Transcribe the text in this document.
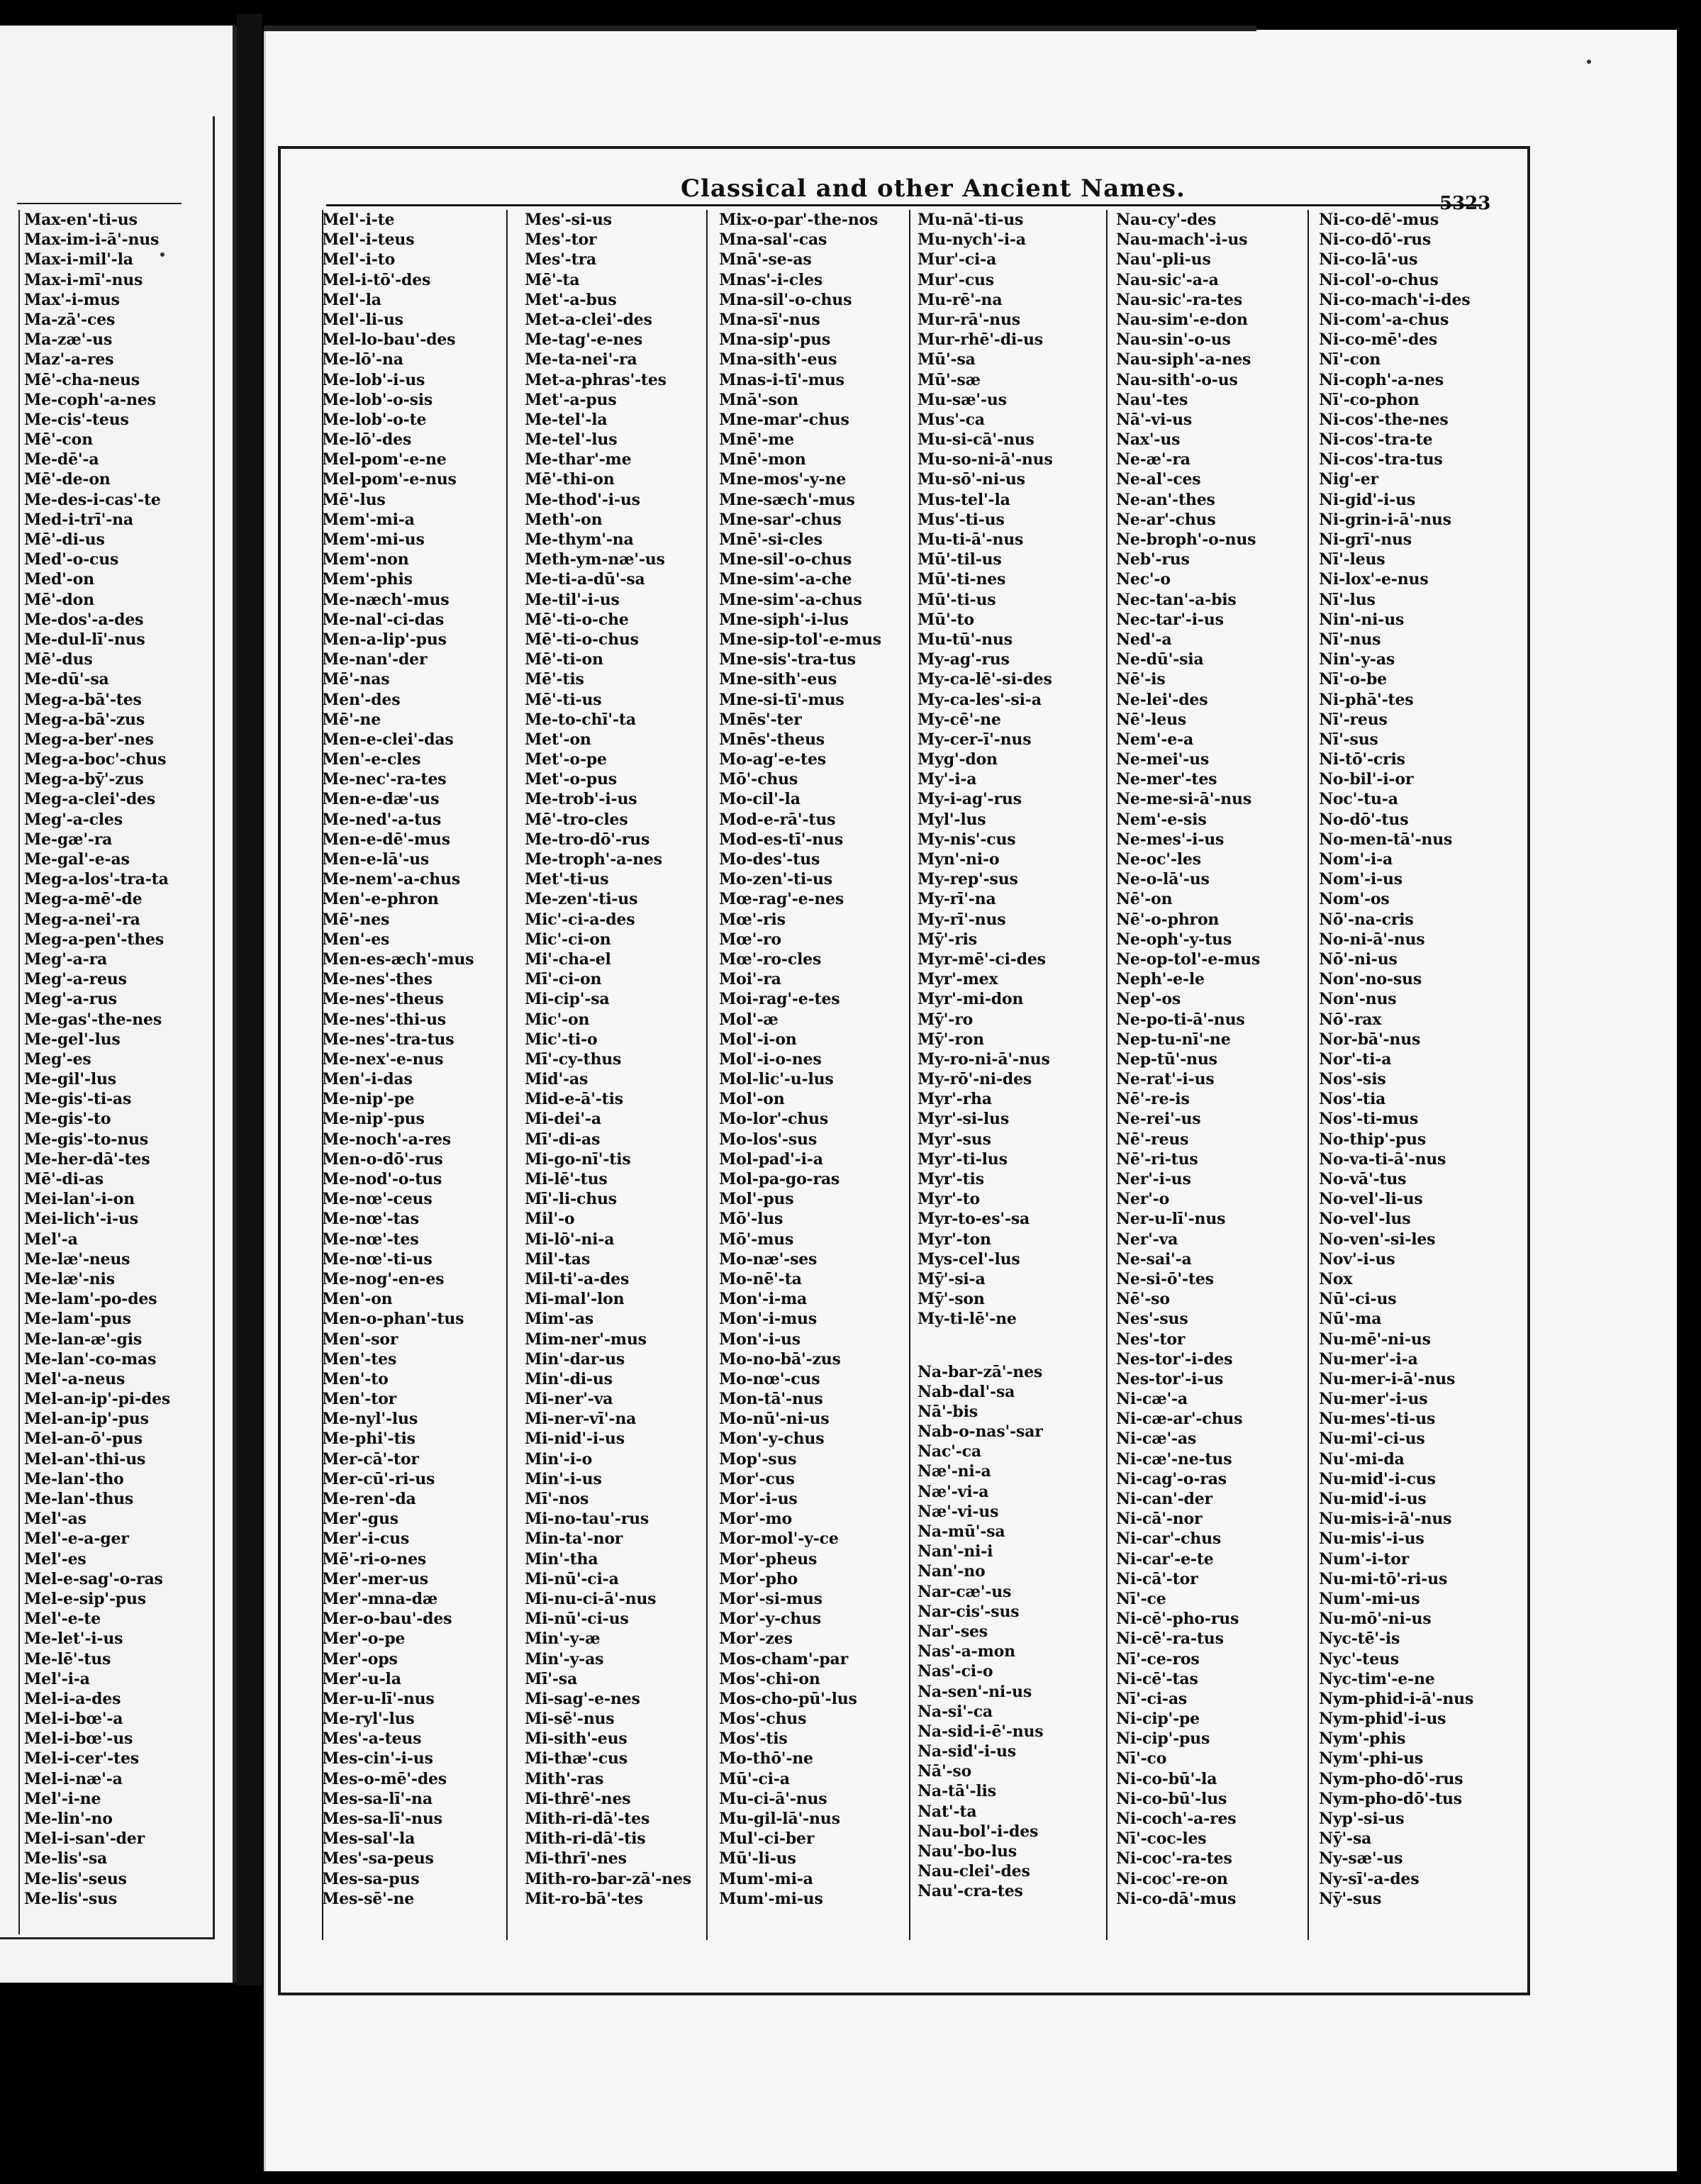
Max-en'-ti-us
Max-im-i-ā'-nus
Max-i-mil'-la
Max-i-mī'-nus
Max'-i-mus
Ma-zā'-ces
Ma-zæ'-us
Maz'-a-res
Mē'-cha-neus
Me-coph'-a-nes
Me-cis'-teus
Mē'-con
Me-dē'-a
Mē'-de-on
Me-des-i-cas'-te
Med-i-trī'-na
Mē'-di-us
Med'-o-cus
Med'-on
Mē'-don
Me-dos'-a-des
Me-dul-lī'-nus
Mē'-dus
Me-dū'-sa
Meg-a-bā'-tes
Meg-a-bā'-zus
Meg-a-ber'-nes
Meg-a-boc'-chus
Meg-a-bȳ'-zus
Meg-a-clei'-des
Meg'-a-cles
Me-gæ'-ra
Me-gal'-e-as
Meg-a-los'-tra-ta
Meg-a-mē'-de
Meg-a-nei'-ra
Meg-a-pen'-thes
Meg'-a-ra
Meg'-a-reus
Meg'-a-rus
Me-gas'-the-nes
Me-gel'-lus
Meg'-es
Me-gil'-lus
Me-gis'-ti-as
Me-gis'-to
Me-gis'-to-nus
Me-her-dā'-tes
Mē'-di-as
Mei-lan'-i-on
Mei-lich'-i-us
Mel'-a
Me-læ'-neus
Me-læ'-nis
Me-lam'-po-des
Me-lam'-pus
Me-lan-æ'-gis
Me-lan'-co-mas
Mel'-a-neus
Mel-an-ip'-pi-des
Mel-an-ip'-pus
Mel-an-ō'-pus
Mel-an'-thi-us
Me-lan'-tho
Me-lan'-thus
Mel'-as
Mel'-e-a-ger
Mel'-es
Mel-e-sag'-o-ras
Mel-e-sip'-pus
Mel'-e-te
Me-let'-i-us
Me-lē'-tus
Mel'-i-a
Mel-i-a-des
Mel-i-bœ'-a
Mel-i-bœ'-us
Mel-i-cer'-tes
Mel-i-næ'-a
Mel'-i-ne
Me-lin'-no
Mel-i-san'-der
Me-lis'-sa
Me-lis'-seus
Me-lis'-sus
Classical and other Ancient Names.
5323
Mel'-i-te
Mel'-i-teus
Mel'-i-to
Mel-i-tō'-des
Mel'-la
Mel'-li-us
Mel-lo-bau'-des
Me-lō'-na
Me-lob'-i-us
Me-lob'-o-sis
Me-lob'-o-te
Me-lō'-des
Mel-pom'-e-ne
Mel-pom'-e-nus
Mē'-lus
Mem'-mi-a
Mem'-mi-us
Mem'-non
Mem'-phis
Me-næch'-mus
Me-nal'-ci-das
Men-a-lip'-pus
Me-nan'-der
Mē'-nas
Men'-des
Mē'-ne
Men-e-clei'-das
Men'-e-cles
Me-nec'-ra-tes
Men-e-dæ'-us
Me-ned'-a-tus
Men-e-dē'-mus
Men-e-lā'-us
Me-nem'-a-chus
Men'-e-phron
Mē'-nes
Men'-es
Men-es-æch'-mus
Me-nes'-thes
Me-nes'-theus
Me-nes'-thi-us
Me-nes'-tra-tus
Me-nex'-e-nus
Men'-i-das
Me-nip'-pe
Me-nip'-pus
Me-noch'-a-res
Men-o-dō'-rus
Me-nod'-o-tus
Me-nœ'-ceus
Me-nœ'-tas
Me-nœ'-tes
Me-nœ'-ti-us
Me-nog'-en-es
Men'-on
Men-o-phan'-tus
Men'-sor
Men'-tes
Men'-to
Men'-tor
Me-nyl'-lus
Me-phi'-tis
Mer-cā'-tor
Mer-cū'-ri-us
Me-ren'-da
Mer'-gus
Mer'-i-cus
Mē'-ri-o-nes
Mer'-mer-us
Mer'-mna-dæ
Mer-o-bau'-des
Mer'-o-pe
Mer'-ops
Mer'-u-la
Mer-u-lī'-nus
Me-ryl'-lus
Mes'-a-teus
Mes-cin'-i-us
Mes-o-mē'-des
Mes-sa-lī'-na
Mes-sa-lī'-nus
Mes-sal'-la
Mes'-sa-peus
Mes-sa-pus
Mes-sē'-ne
Mes'-si-us
Mes'-tor
Mes'-tra
Mē'-ta
Met'-a-bus
Met-a-clei'-des
Me-tag'-e-nes
Me-ta-nei'-ra
Met-a-phras'-tes
Met'-a-pus
Me-tel'-la
Me-tel'-lus
Me-thar'-me
Mē'-thi-on
Me-thod'-i-us
Meth'-on
Me-thym'-na
Meth-ym-næ'-us
Me-ti-a-dū'-sa
Me-til'-i-us
Mē'-ti-o-che
Mē'-ti-o-chus
Mē'-ti-on
Mē'-tis
Mē'-ti-us
Me-to-chī'-ta
Met'-on
Met'-o-pe
Met'-o-pus
Me-trob'-i-us
Mē'-tro-cles
Me-tro-dō'-rus
Me-troph'-a-nes
Met'-ti-us
Me-zen'-ti-us
Mic'-ci-a-des
Mic'-ci-on
Mi'-cha-el
Mī'-ci-on
Mi-cip'-sa
Mic'-on
Mic'-ti-o
Mī'-cy-thus
Mid'-as
Mid-e-ā'-tis
Mi-dei'-a
Mī'-di-as
Mi-go-nī'-tis
Mi-lē'-tus
Mī'-li-chus
Mil'-o
Mi-lō'-ni-a
Mil'-tas
Mil-ti'-a-des
Mi-mal'-lon
Mim'-as
Mim-ner'-mus
Min'-dar-us
Min'-di-us
Mi-ner'-va
Mi-ner-vī'-na
Mi-nid'-i-us
Min'-i-o
Min'-i-us
Mī'-nos
Mi-no-tau'-rus
Min-ta'-nor
Min'-tha
Mi-nū'-ci-a
Mi-nu-ci-ā'-nus
Mi-nū'-ci-us
Min'-y-æ
Min'-y-as
Mī'-sa
Mi-sag'-e-nes
Mi-sē'-nus
Mi-sith'-eus
Mi-thæ'-cus
Mith'-ras
Mi-thrē'-nes
Mith-ri-dā'-tes
Mith-ri-dā'-tis
Mi-thrī'-nes
Mith-ro-bar-zā'-nes
Mit-ro-bā'-tes
Mix-o-par'-the-nos
Mna-sal'-cas
Mnā'-se-as
Mnas'-i-cles
Mna-sil'-o-chus
Mna-sī'-nus
Mna-sip'-pus
Mna-sith'-eus
Mnas-i-tī'-mus
Mnā'-son
Mne-mar'-chus
Mnē'-me
Mnē'-mon
Mne-mos'-y-ne
Mne-sæch'-mus
Mne-sar'-chus
Mnē'-si-cles
Mne-sil'-o-chus
Mne-sim'-a-che
Mne-sim'-a-chus
Mne-siph'-i-lus
Mne-sip-tol'-e-mus
Mne-sis'-tra-tus
Mne-sith'-eus
Mne-si-tī'-mus
Mnēs'-ter
Mnēs'-theus
Mo-ag'-e-tes
Mō'-chus
Mo-cil'-la
Mod-e-rā'-tus
Mod-es-tī'-nus
Mo-des'-tus
Mo-zen'-ti-us
Mœ-rag'-e-nes
Mœ'-ris
Mœ'-ro
Mœ'-ro-cles
Moi'-ra
Moi-rag'-e-tes
Mol'-æ
Mol'-i-on
Mol'-i-o-nes
Mol-lic'-u-lus
Mol'-on
Mo-lor'-chus
Mo-los'-sus
Mol-pad'-i-a
Mol-pa-go-ras
Mol'-pus
Mō'-lus
Mō'-mus
Mo-næ'-ses
Mo-nē'-ta
Mon'-i-ma
Mon'-i-mus
Mon'-i-us
Mo-no-bā'-zus
Mo-nœ'-cus
Mon-tā'-nus
Mo-nū'-ni-us
Mon'-y-chus
Mop'-sus
Mor'-cus
Mor'-i-us
Mor'-mo
Mor-mol'-y-ce
Mor'-pheus
Mor'-pho
Mor'-si-mus
Mor'-y-chus
Mor'-zes
Mos-cham'-par
Mos'-chi-on
Mos-cho-pū'-lus
Mos'-chus
Mos'-tis
Mo-thō'-ne
Mū'-ci-a
Mu-ci-ā'-nus
Mu-gil-lā'-nus
Mul'-ci-ber
Mū'-li-us
Mum'-mi-a
Mum'-mi-us
Mu-nā'-ti-us
Mu-nych'-i-a
Mur'-ci-a
Mur'-cus
Mu-rē'-na
Mur-rā'-nus
Mur-rhē'-di-us
Mū'-sa
Mū'-sæ
Mu-sæ'-us
Mus'-ca
Mu-si-cā'-nus
Mu-so-ni-ā'-nus
Mu-sō'-ni-us
Mus-tel'-la
Mus'-ti-us
Mu-ti-ā'-nus
Mū'-til-us
Mū'-ti-nes
Mū'-ti-us
Mū'-to
Mu-tū'-nus
My-ag'-rus
My-ca-lē'-si-des
My-ca-les'-si-a
My-cē'-ne
My-cer-ī'-nus
Myg'-don
My'-i-a
My-i-ag'-rus
Myl'-lus
My-nis'-cus
Myn'-ni-o
My-rep'-sus
My-rī'-na
My-rī'-nus
Mȳ'-ris
Myr-mē'-ci-des
Myr'-mex
Myr'-mi-don
Mȳ'-ro
Mȳ'-ron
My-ro-ni-ā'-nus
My-rō'-ni-des
Myr'-rha
Myr'-si-lus
Myr'-sus
Myr'-ti-lus
Myr'-tis
Myr'-to
Myr-to-es'-sa
Myr'-ton
Mys-cel'-lus
Mȳ'-si-a
Mȳ'-son
My-ti-lē'-ne
Na-bar-zā'-nes
Nab-dal'-sa
Nā'-bis
Nab-o-nas'-sar
Nac'-ca
Næ'-ni-a
Næ'-vi-a
Næ'-vi-us
Na-mū'-sa
Nan'-ni-i
Nan'-no
Nar-cæ'-us
Nar-cis'-sus
Nar'-ses
Nas'-a-mon
Nas'-ci-o
Na-sen'-ni-us
Na-si'-ca
Na-sid-i-ē'-nus
Na-sid'-i-us
Nā'-so
Na-tā'-lis
Nat'-ta
Nau-bol'-i-des
Nau'-bo-lus
Nau-clei'-des
Nau'-cra-tes
Nau-cy'-des
Nau-mach'-i-us
Nau'-pli-us
Nau-sic'-a-a
Nau-sic'-ra-tes
Nau-sim'-e-don
Nau-sin'-o-us
Nau-siph'-a-nes
Nau-sith'-o-us
Nau'-tes
Nā'-vi-us
Nax'-us
Ne-æ'-ra
Ne-al'-ces
Ne-an'-thes
Ne-ar'-chus
Ne-broph'-o-nus
Neb'-rus
Nec'-o
Nec-tan'-a-bis
Nec-tar'-i-us
Ned'-a
Ne-dū'-sia
Nē'-is
Ne-lei'-des
Nē'-leus
Nem'-e-a
Ne-mei'-us
Ne-mer'-tes
Ne-me-si-ā'-nus
Nem'-e-sis
Ne-mes'-i-us
Ne-oc'-les
Ne-o-lā'-us
Nē'-on
Nē'-o-phron
Ne-oph'-y-tus
Ne-op-tol'-e-mus
Neph'-e-le
Nep'-os
Ne-po-ti-ā'-nus
Nep-tu-nī'-ne
Nep-tū'-nus
Ne-rat'-i-us
Nē'-re-is
Ne-rei'-us
Nē'-reus
Nē'-ri-tus
Ner'-i-us
Ner'-o
Ner-u-lī'-nus
Ner'-va
Ne-sai'-a
Ne-si-ō'-tes
Nē'-so
Nes'-sus
Nes'-tor
Nes-tor'-i-des
Nes-tor'-i-us
Ni-cæ'-a
Ni-cæ-ar'-chus
Ni-cæ'-as
Ni-cæ'-ne-tus
Ni-cag'-o-ras
Ni-can'-der
Ni-cā'-nor
Ni-car'-chus
Ni-car'-e-te
Ni-cā'-tor
Nī'-ce
Ni-cē'-pho-rus
Ni-cē'-ra-tus
Nī'-ce-ros
Ni-cē'-tas
Nī'-ci-as
Ni-cip'-pe
Ni-cip'-pus
Nī'-co
Ni-co-bū'-la
Ni-co-bū'-lus
Ni-coch'-a-res
Nī'-coc-les
Ni-coc'-ra-tes
Ni-coc'-re-on
Ni-co-dā'-mus
Ni-co-dē'-mus
Ni-co-dō'-rus
Ni-co-lā'-us
Ni-col'-o-chus
Ni-co-mach'-i-des
Ni-com'-a-chus
Ni-co-mē'-des
Nī'-con
Ni-coph'-a-nes
Nī'-co-phon
Ni-cos'-the-nes
Ni-cos'-tra-te
Ni-cos'-tra-tus
Nig'-er
Ni-gid'-i-us
Ni-grin-i-ā'-nus
Ni-grī'-nus
Nī'-leus
Ni-lox'-e-nus
Nī'-lus
Nin'-ni-us
Nī'-nus
Nin'-y-as
Nī'-o-be
Ni-phā'-tes
Nī'-reus
Nī'-sus
Ni-tō'-cris
No-bil'-i-or
Noc'-tu-a
No-dō'-tus
No-men-tā'-nus
Nom'-i-a
Nom'-i-us
Nom'-os
Nō'-na-cris
No-ni-ā'-nus
Nō'-ni-us
Non'-no-sus
Non'-nus
Nō'-rax
Nor-bā'-nus
Nor'-ti-a
Nos'-sis
Nos'-tia
Nos'-ti-mus
No-thip'-pus
No-va-ti-ā'-nus
No-vā'-tus
No-vel'-li-us
No-vel'-lus
No-ven'-si-les
Nov'-i-us
Nox
Nū'-ci-us
Nū'-ma
Nu-mē'-ni-us
Nu-mer'-i-a
Nu-mer-i-ā'-nus
Nu-mer'-i-us
Nu-mes'-ti-us
Nu-mi'-ci-us
Nu'-mi-da
Nu-mid'-i-cus
Nu-mid'-i-us
Nu-mis-i-ā'-nus
Nu-mis'-i-us
Num'-i-tor
Nu-mi-tō'-ri-us
Num'-mi-us
Nu-mō'-ni-us
Nyc-tē'-is
Nyc'-teus
Nyc-tim'-e-ne
Nym-phid-i-ā'-nus
Nym-phid'-i-us
Nym'-phis
Nym'-phi-us
Nym-pho-dō'-rus
Nym-pho-dō'-tus
Nyp'-si-us
Nȳ'-sa
Ny-sæ'-us
Ny-sī'-a-des
Nȳ'-sus
